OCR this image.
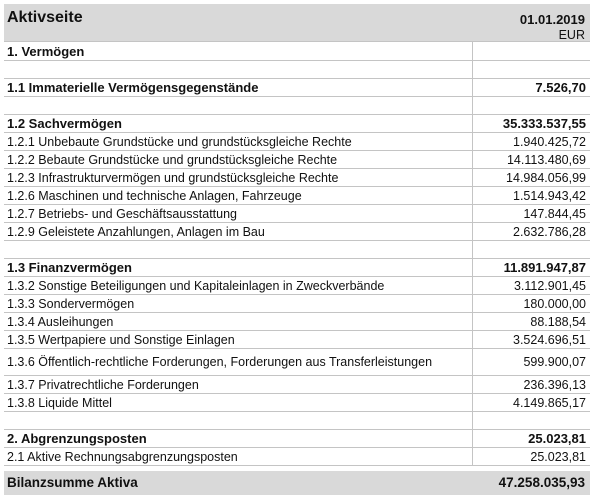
Aktivseite	01.01.2019
EUR
1. Vermögen
1.1 Immaterielle Vermögensgegenstände	7.526,70
1.2 Sachvermögen	35.333.537,55
1.2.1 Unbebaute Grundstücke und grundstücksgleiche Rechte	1.940.425,72
1.2.2 Bebaute Grundstücke und grundstücksgleiche Rechte	14.113.480,69
1.2.3 Infrastrukturvermögen und grundstücksgleiche Rechte	14.984.056,99
1.2.6 Maschinen und technische Anlagen, Fahrzeuge	1.514.943,42
1.2.7 Betriebs- und Geschäftsausstattung	147.844,45
1.2.9 Geleistete Anzahlungen, Anlagen im Bau	2.632.786,28
1.3 Finanzvermögen	11.891.947,87
1.3.2 Sonstige Beteiligungen und Kapitaleinlagen in Zweckverbände	3.112.901,45
1.3.3 Sondervermögen	180.000,00
1.3.4 Ausleihungen	88.188,54
1.3.5 Wertpapiere und Sonstige Einlagen	3.524.696,51
1.3.6 Öffentlich-rechtliche Forderungen, Forderungen aus Transferleistungen	599.900,07
1.3.7 Privatrechtliche Forderungen	236.396,13
1.3.8 Liquide Mittel	4.149.865,17
2. Abgrenzungsposten	25.023,81
2.1 Aktive Rechnungsabgrenzungsposten	25.023,81
Bilanzsumme Aktiva	47.258.035,93
